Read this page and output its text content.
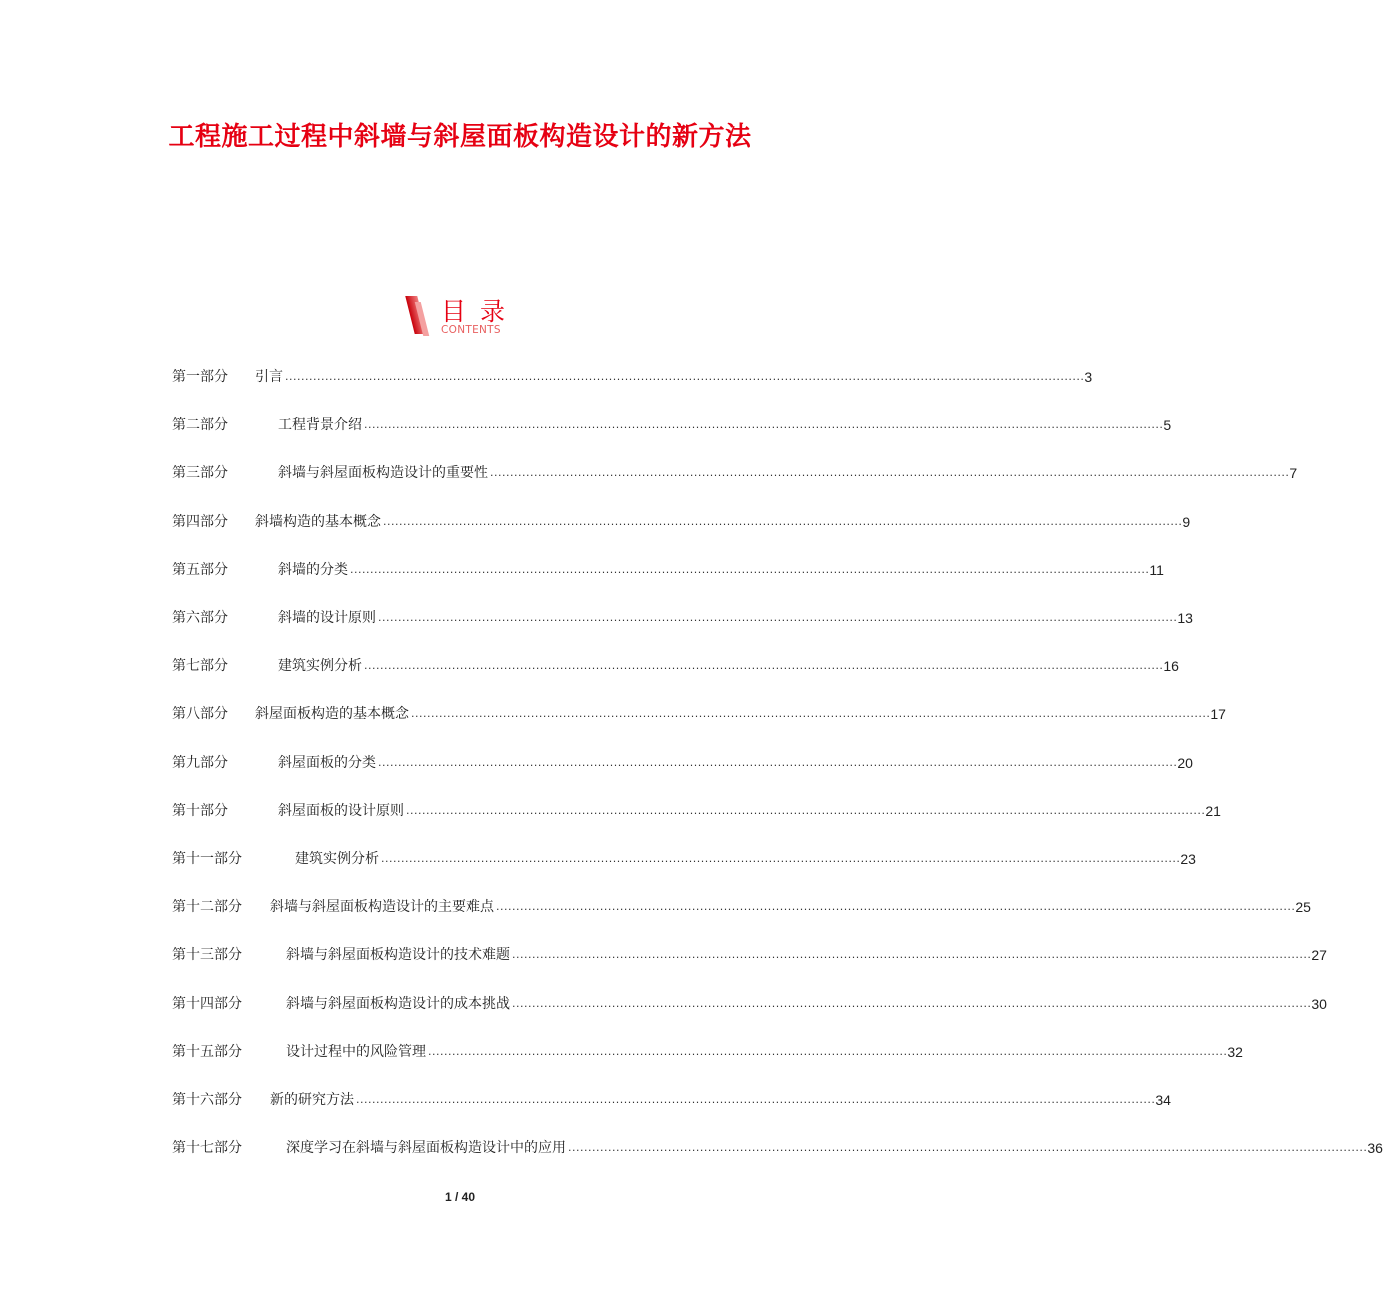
工程施工过程中斜墙与斜屋面板构造设计的新方法
目录
CONTENTS
第一部分 引言 ........................................................................................................................................................................................................ 3
第二部分	工程背景介绍 ........................................................................................................................................................................................................ 5
第三部分	斜墙与斜屋面板构造设计的重要性 ........................................................................................................................................................................................................ 7
第四部分 斜墙构造的基本概念 ........................................................................................................................................................................................................ 9
第五部分	斜墙的分类 ........................................................................................................................................................................................................ 11
第六部分	斜墙的设计原则 ........................................................................................................................................................................................................ 13
第七部分	建筑实例分析 ........................................................................................................................................................................................................ 16
第八部分 斜屋面板构造的基本概念 ........................................................................................................................................................................................................ 17
第九部分	斜屋面板的分类 ........................................................................................................................................................................................................ 20
第十部分	斜屋面板的设计原则 ........................................................................................................................................................................................................ 21
第十一部分	建筑实例分析 ........................................................................................................................................................................................................ 23
第十二部分 斜墙与斜屋面板构造设计的主要难点 ........................................................................................................................................................................................................ 25
第十三部分	斜墙与斜屋面板构造设计的技术难题 ........................................................................................................................................................................................................ 27
第十四部分	斜墙与斜屋面板构造设计的成本挑战 ........................................................................................................................................................................................................ 30
第十五部分	设计过程中的风险管理 ........................................................................................................................................................................................................ 32
第十六部分 新的研究方法 ........................................................................................................................................................................................................ 34
第十七部分	深度学习在斜墙与斜屋面板构造设计中的应用 ........................................................................................................................................................................................................ 36
1 / 40
